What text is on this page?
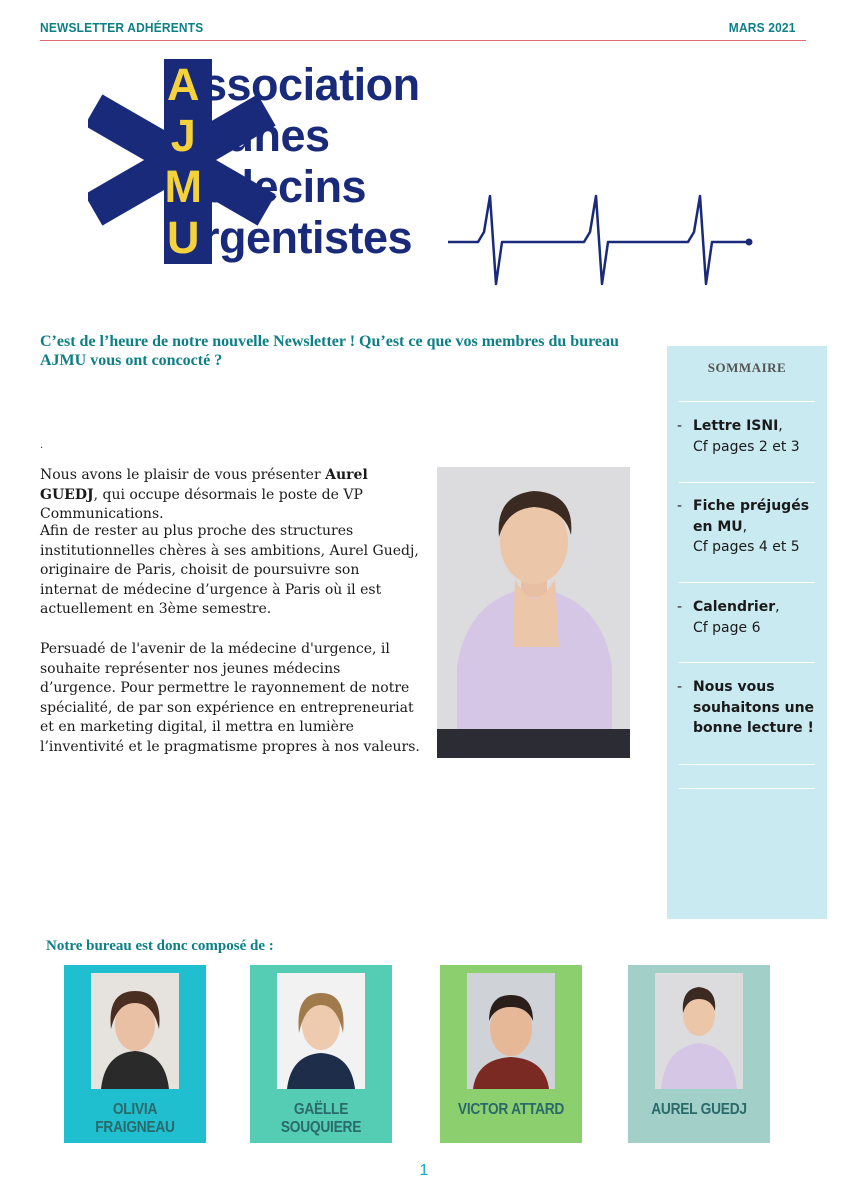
NEWSLETTER ADHÉRENTS	MARS 2021
Association
J eunes
Médecins
Urgentistes
C’est de l’heure de notre nouvelle Newsletter ! Qu’est ce que vos membres du bureau AJMU vous ont concocté ?
.
Nous avons le plaisir de vous présenter Aurel GUEDJ, qui occupe désormais le poste de VP Communications.
Afin de rester au plus proche des structures institutionnelles chères à ses ambitions, Aurel Guedj, originaire de Paris, choisit de poursuivre son internat de médecine d’urgence à Paris où il est actuellement en 3ème semestre.
Persuadé de l'avenir de la médecine d'urgence, il souhaite représenter nos jeunes médecins d’urgence. Pour permettre le rayonnement de notre spécialité, de par son expérience en entrepreneuriat et en marketing digital, il mettra en lumière l’inventivité et le pragmatisme propres à nos valeurs.
SOMMAIRE
- Lettre ISNI,
Cf pages 2 et 3
- Fiche préjugés en MU,
Cf pages 4 et 5
- Calendrier,
Cf page 6
- Nous vous souhaitons une bonne lecture !
Notre bureau est donc composé de :
OLIVIA FRAIGNEAU
GAËLLE SOUQUIERE
VICTOR ATTARD	AUREL GUEDJ
1
